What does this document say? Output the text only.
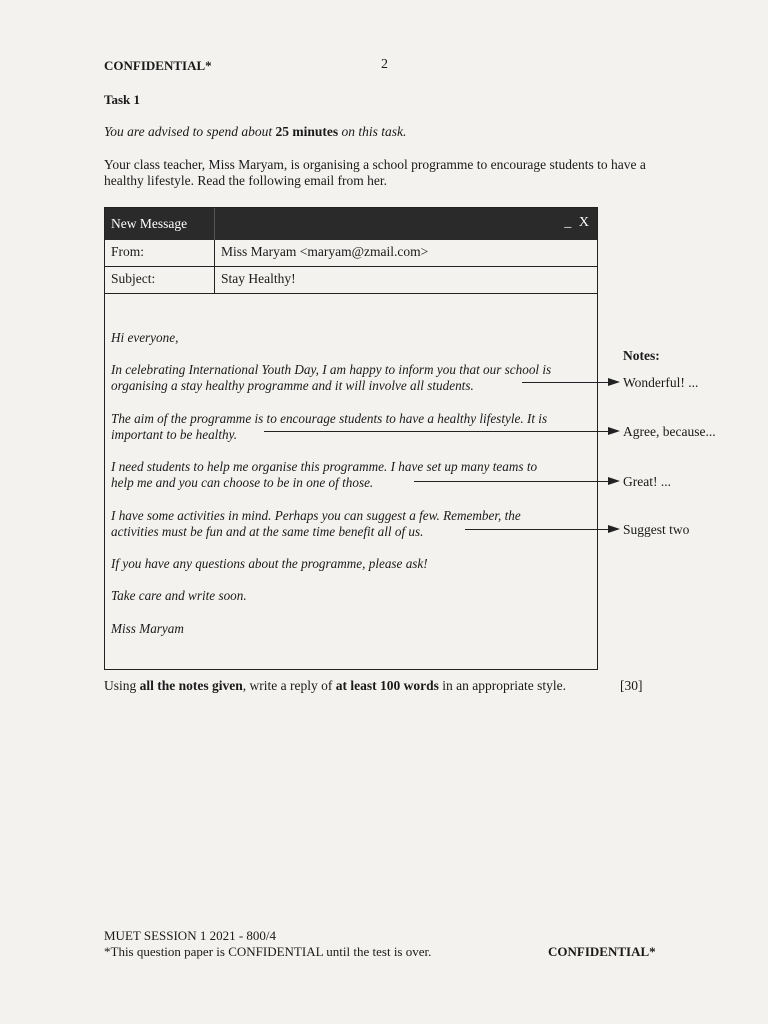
CONFIDENTIAL*	2
Task 1
You are advised to spend about 25 minutes on this task.
Your class teacher, Miss Maryam, is organising a school programme to encourage students to have a healthy lifestyle. Read the following email from her.
New Message	_ X
From:	Miss Maryam <maryam@zmail.com>
Subject:	Stay Healthy!
Hi everyone,
In celebrating International Youth Day, I am happy to inform you that our school is
organising a stay healthy programme and it will involve all students.
The aim of the programme is to encourage students to have a healthy lifestyle. It is
important to be healthy.
I need students to help me organise this programme. I have set up many teams to
help me and you can choose to be in one of those.
I have some activities in mind. Perhaps you can suggest a few. Remember, the
activities must be fun and at the same time benefit all of us.
If you have any questions about the programme, please ask!
Take care and write soon.
Miss Maryam
Notes:
Wonderful! ...
Agree, because...
Great! ...
Suggest two
Using all the notes given, write a reply of at least 100 words in an appropriate style.	[30]
MUET SESSION 1 2021 - 800/4
*This question paper is CONFIDENTIAL until the test is over.	CONFIDENTIAL*
